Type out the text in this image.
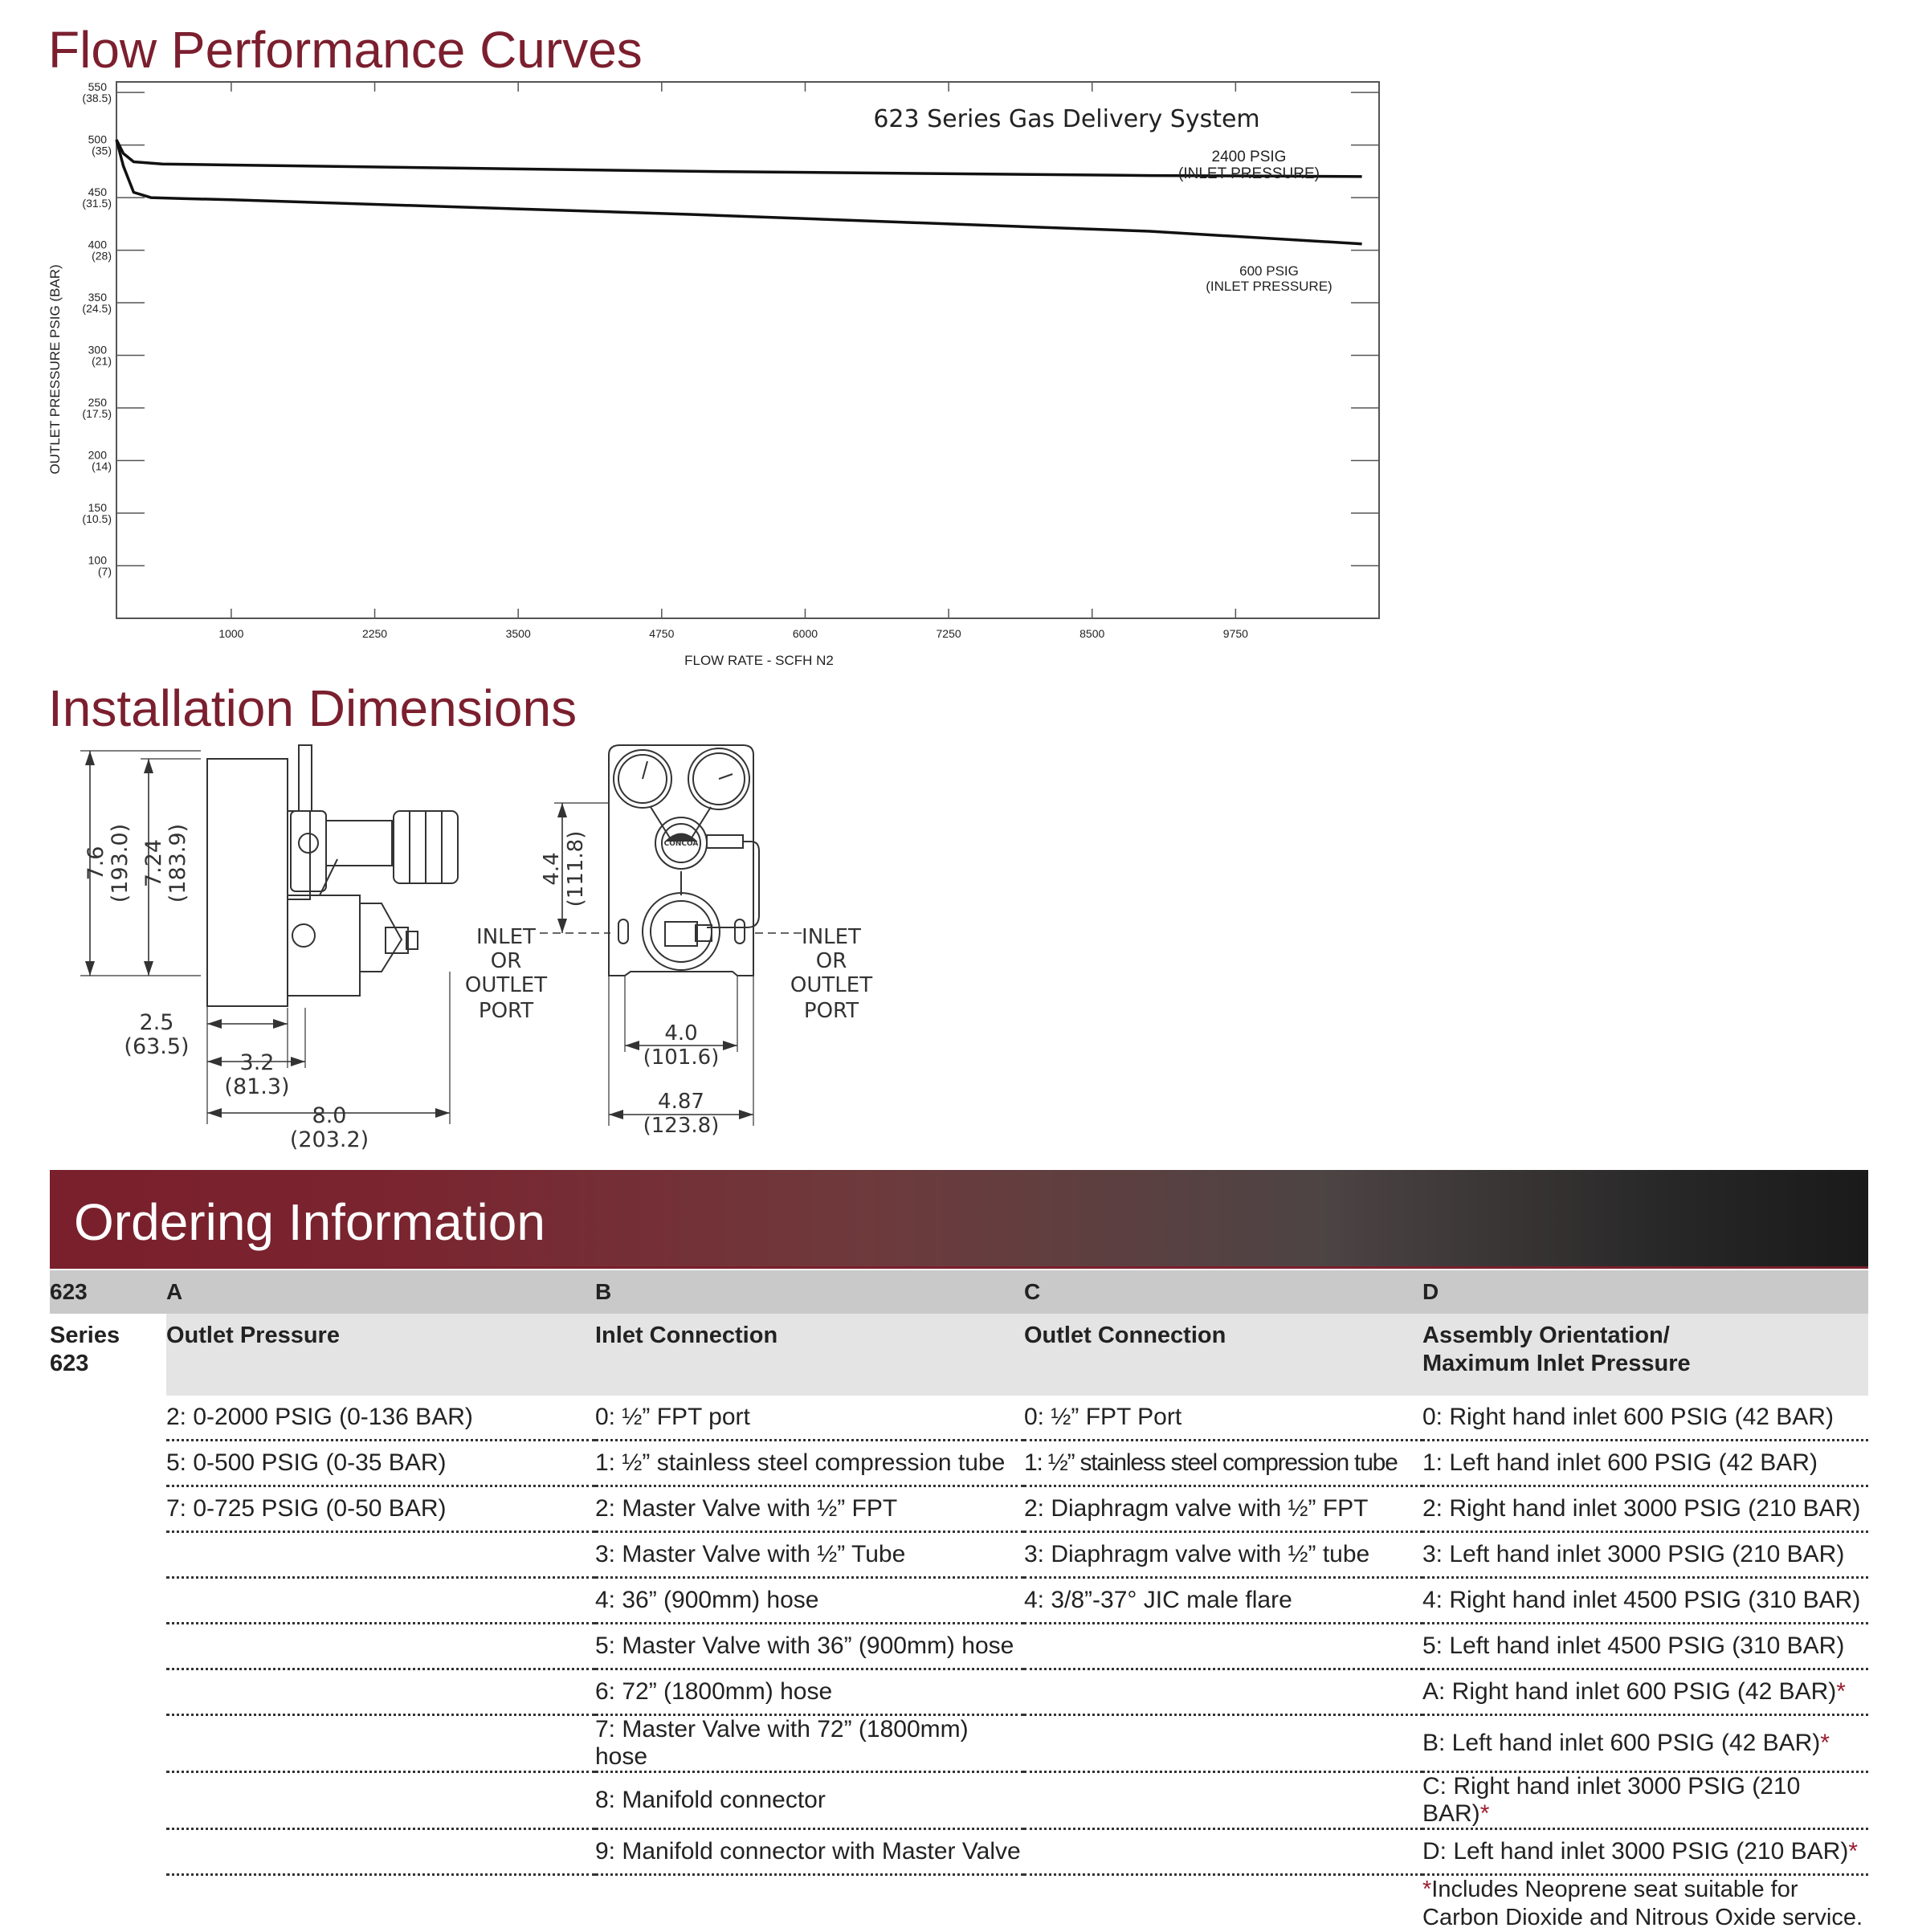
Flow Performance Curves
550
(38.5)
500
(35)
450
(31.5)
400
(28)
350
(24.5)
300
(21)
250
(17.5)
200
(14)
150
(10.5)
100
(7)
1000	2250	3500	4750	6000	7250	8500	9750
623 Series Gas Delivery System
FLOW RATE - SCFH N2
OUTLET PRESSURE PSIG (BAR)
2400 PSIG
(INLET PRESSURE)
600 PSIG
(INLET PRESSURE)
Installation Dimensions
7.6 (193.0) 7.24 (183.9)
2.5
(63.5)
3.2
(81.3)
8.0
(203.2)
4.4 (111.8)
4.0
(101.6)
4.87
(123.8)
CONCOA
INLET
OR
OUTLET
PORT
INLET
OR
OUTLET
PORT
Ordering Information
623	A	B	C	D
Series
623	Outlet Pressure	Inlet Connection	Outlet Connection	Assembly Orientation/
Maximum Inlet Pressure
	2: 0-2000 PSIG (0-136 BAR)	0: ½” FPT port	0: ½” FPT Port	0: Right hand inlet 600 PSIG (42 BAR)
	5: 0-500 PSIG (0-35 BAR)	1: ½” stainless steel compression tube	1: ½” stainless steel compression tube	1: Left hand inlet 600 PSIG (42 BAR)
	7: 0-725 PSIG (0-50 BAR)	2: Master Valve with ½” FPT	2: Diaphragm valve with ½” FPT	2: Right hand inlet 3000 PSIG (210 BAR)
		3: Master Valve with ½” Tube	3: Diaphragm valve with ½” tube	3: Left hand inlet 3000 PSIG (210 BAR)
		4: 36” (900mm) hose	4: 3/8”-37° JIC male flare	4: Right hand inlet 4500 PSIG (310 BAR)
		5: Master Valve with 36” (900mm) hose		5: Left hand inlet 4500 PSIG (310 BAR)
		6: 72” (1800mm) hose		A: Right hand inlet 600 PSIG (42 BAR)*
		7: Master Valve with 72” (1800mm) hose		B: Left hand inlet 600 PSIG (42 BAR)*
		8: Manifold connector		C: Right hand inlet 3000 PSIG (210 BAR)*
		9: Manifold connector with Master Valve		D: Left hand inlet 3000 PSIG (210 BAR)*
				*Includes Neoprene seat suitable for Carbon Dioxide and Nitrous Oxide service.
